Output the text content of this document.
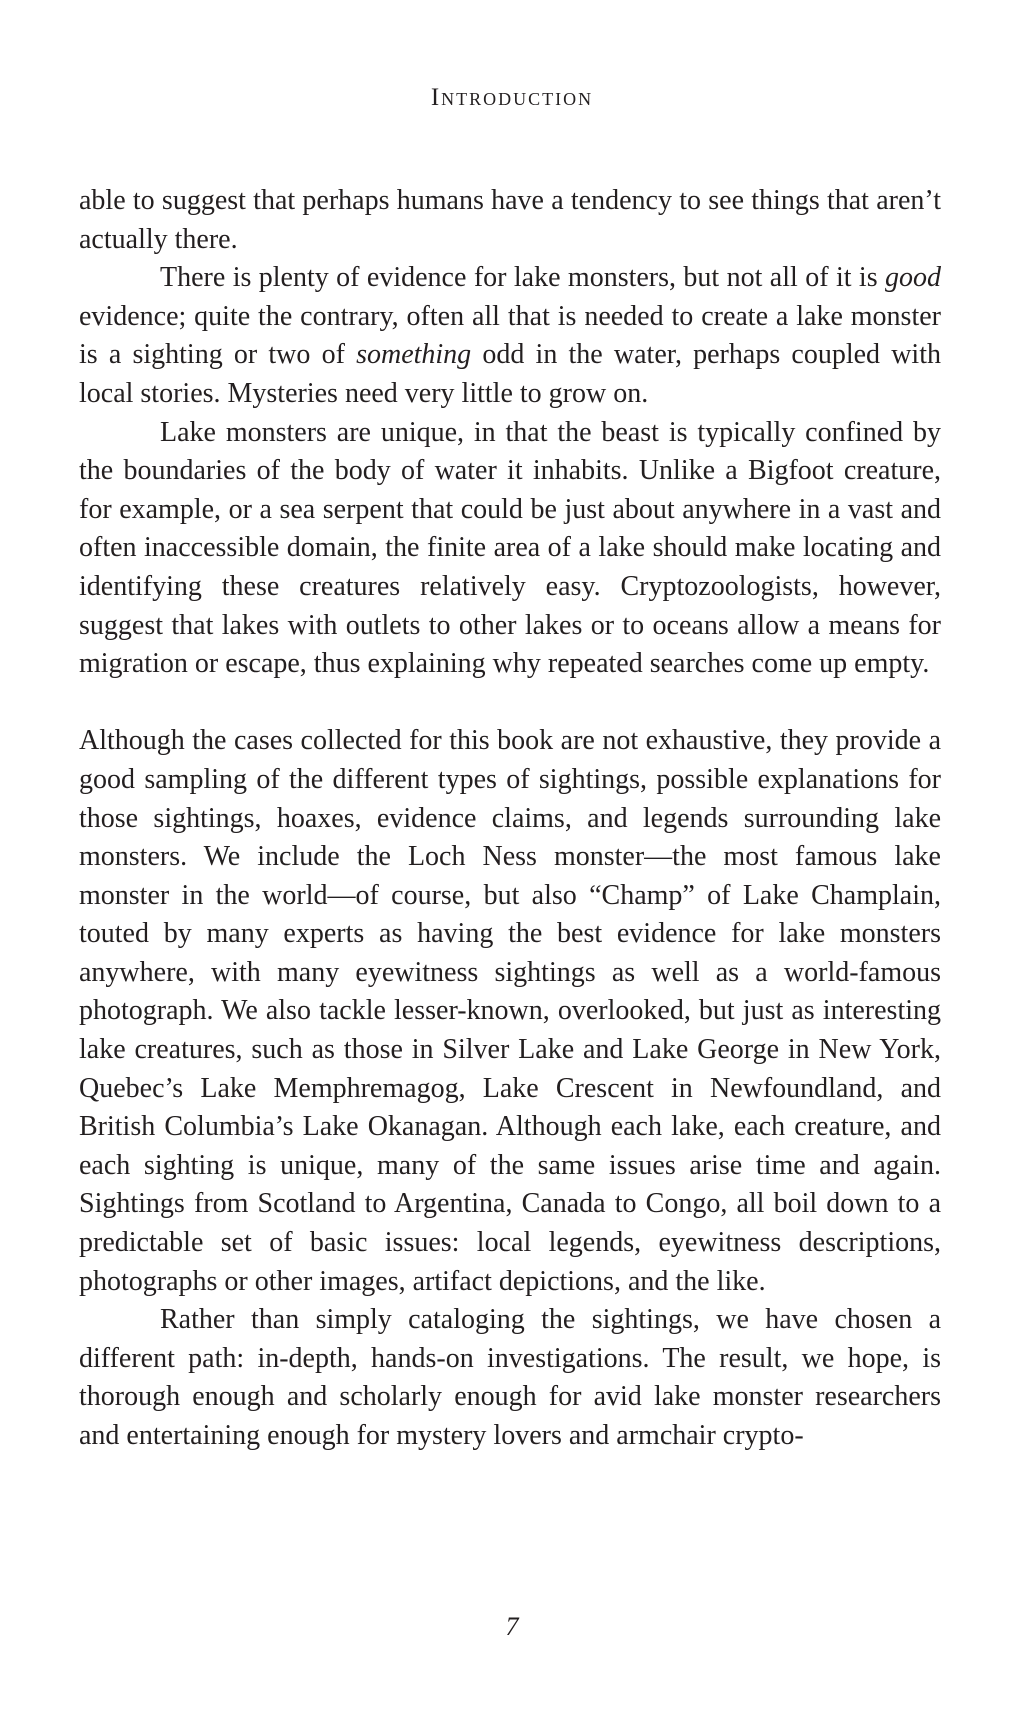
Introduction

able to suggest that perhaps humans have a tendency to see things that aren’t actually there.

There is plenty of evidence for lake monsters, but not all of it is good evidence; quite the contrary, often all that is needed to create a lake monster is a sighting or two of something odd in the water, perhaps coupled with local stories. Mysteries need very little to grow on.

Lake monsters are unique, in that the beast is typically confined by the boundaries of the body of water it inhabits. Unlike a Bigfoot creature, for example, or a sea serpent that could be just about anywhere in a vast and often inaccessible domain, the finite area of a lake should make locating and identifying these creatures relatively easy. Cryptozoologists, however, suggest that lakes with outlets to other lakes or to oceans allow a means for migration or escape, thus explaining why repeated searches come up empty.

Although the cases collected for this book are not exhaustive, they provide a good sampling of the different types of sightings, possible explanations for those sightings, hoaxes, evidence claims, and legends surrounding lake monsters. We include the Loch Ness monster—the most famous lake monster in the world—of course, but also “Champ” of Lake Champlain, touted by many experts as having the best evidence for lake monsters anywhere, with many eyewitness sightings as well as a world-famous photograph. We also tackle lesser-known, overlooked, but just as interesting lake creatures, such as those in Silver Lake and Lake George in New York, Quebec’s Lake Memphremagog, Lake Crescent in Newfoundland, and British Columbia’s Lake Okanagan. Although each lake, each creature, and each sighting is unique, many of the same issues arise time and again. Sightings from Scotland to Argentina, Canada to Congo, all boil down to a predictable set of basic issues: local legends, eyewitness descriptions, photographs or other images, artifact depictions, and the like.

Rather than simply cataloging the sightings, we have chosen a different path: in-depth, hands-on investigations. The result, we hope, is thorough enough and scholarly enough for avid lake monster researchers and entertaining enough for mystery lovers and armchair crypto-

7
